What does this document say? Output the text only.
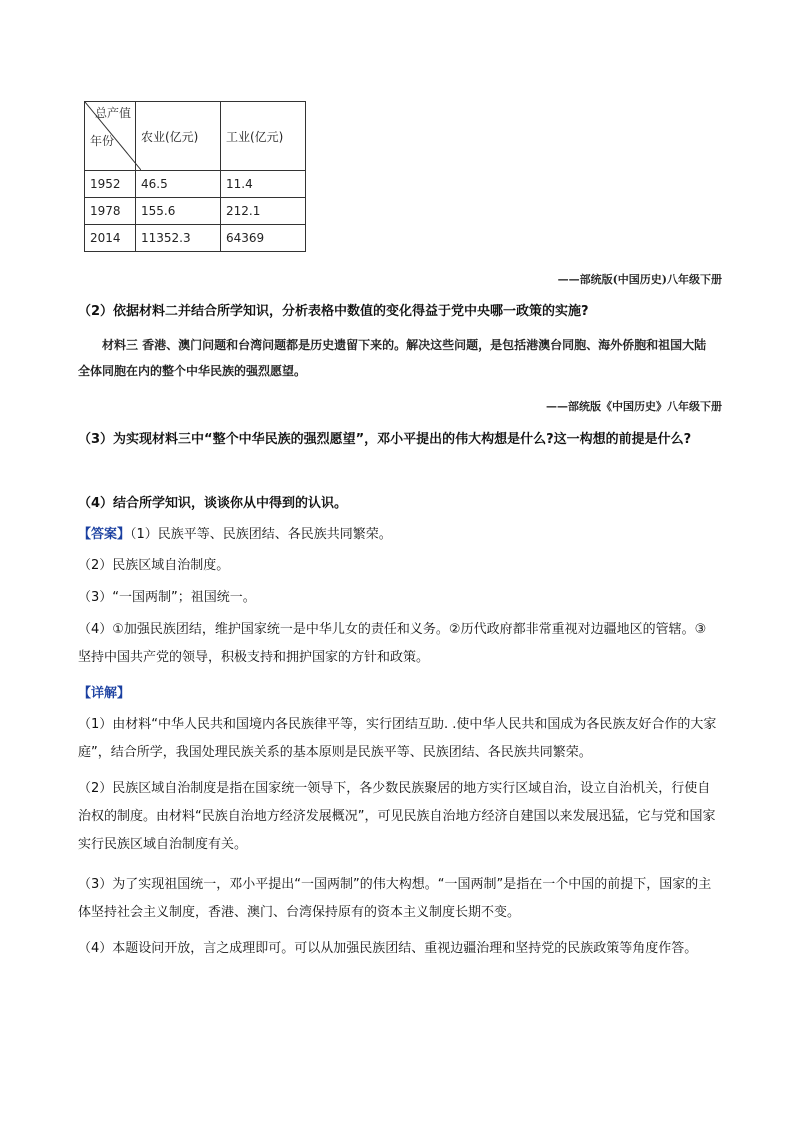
总产值
年份	农业(亿元)	工业(亿元)
1952	46.5	11.4
1978	155.6	212.1
2014	11352.3	64369
——部统版(中国历史)八年级下册
（2）依据材料二并结合所学知识，分析表格中数值的变化得益于党中央哪一政策的实施?
材料三 香港、澳门问题和台湾问题都是历史遗留下来的。解决这些问题，是包括港澳台同胞、海外侨胞和祖国大陆全体同胞在内的整个中华民族的强烈愿望。
——部统版《中国历史》八年级下册
（3）为实现材料三中“整个中华民族的强烈愿望”，邓小平提出的伟大构想是什么?这一构想的前提是什么?
（4）结合所学知识，谈谈你从中得到的认识。
【答案】（1）民族平等、民族团结、各民族共同繁荣。
（2）民族区域自治制度。
（3）“一国两制”；祖国统一。
（4）①加强民族团结，维护国家统一是中华儿女的责任和义务。②历代政府都非常重视对边疆地区的管辖。③坚持中国共产党的领导，积极支持和拥护国家的方针和政策。
【详解】
（1）由材料“中华人民共和国境内各民族律平等，实行团结互助. .使中华人民共和国成为各民族友好合作的大家庭”，结合所学，我国处理民族关系的基本原则是民族平等、民族团结、各民族共同繁荣。
（2）民族区域自治制度是指在国家统一领导下，各少数民族聚居的地方实行区域自治，设立自治机关，行使自治权的制度。由材料“民族自治地方经济发展概况”，可见民族自治地方经济自建国以来发展迅猛，它与党和国家实行民族区域自治制度有关。
（3）为了实现祖国统一，邓小平提出“一国两制”的伟大构想。“一国两制”是指在一个中国的前提下，国家的主体坚持社会主义制度，香港、澳门、台湾保持原有的资本主义制度长期不变。
（4）本题设问开放，言之成理即可。可以从加强民族团结、重视边疆治理和坚持党的民族政策等角度作答。
